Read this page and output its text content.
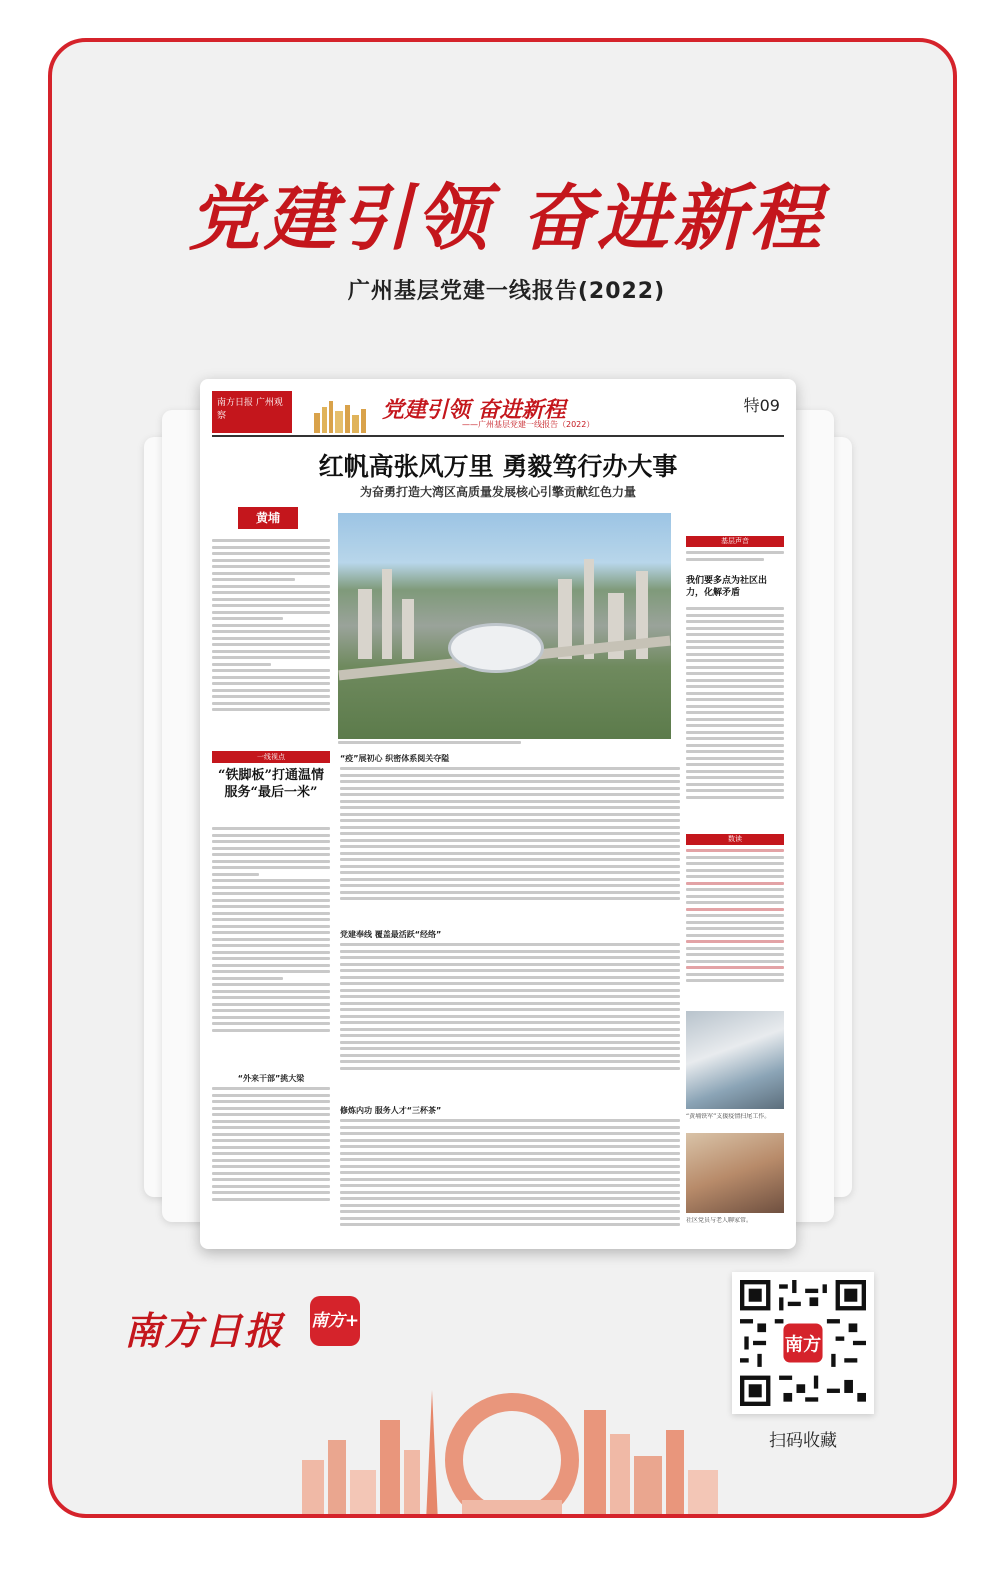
党建引领 奋进新程
广州基层党建一线报告(2022)
南方日报 广州观察	党建引领 奋进新程
——广州基层党建一线报告（2022）
特09
红帆高张风万里 勇毅笃行办大事
为奋勇打造大湾区高质量发展核心引擎贡献红色力量
黄埔
一线视点
“铁脚板”打通温情服务“最后一米”
“外来干部”挑大梁
“疫”展初心 织密体系阅关夺隘
党建奉线 覆盖最活跃“经络”
修炼内功 服务人才“三杯茶”
基层声音
我们要多点为社区出力，化解矛盾
数读
“黄埔铁军”支援疫情扫尾工作。
社区党员与老人聊家常。
南方日报 南方+
南方
扫码收藏
